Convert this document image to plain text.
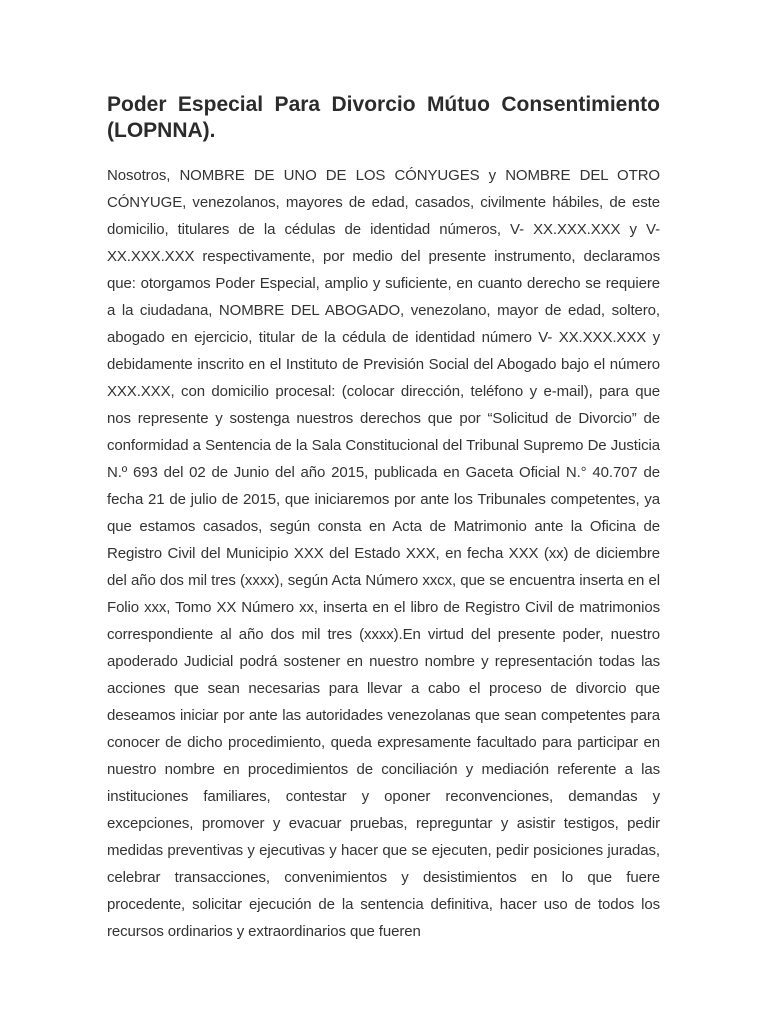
Poder Especial Para Divorcio Mútuo Consentimiento (LOPNNA).

Nosotros, NOMBRE DE UNO DE LOS CÓNYUGES y NOMBRE DEL OTRO CÓNYUGE, venezolanos, mayores de edad, casados, civilmente hábiles, de este domicilio, titulares de la cédulas de identidad números, V- XX.XXX.XXX y V- XX.XXX.XXX respectivamente, por medio del presente instrumento, declaramos que: otorgamos Poder Especial, amplio y suficiente, en cuanto derecho se requiere a la ciudadana, NOMBRE DEL ABOGADO, venezolano, mayor de edad, soltero, abogado en ejercicio, titular de la cédula de identidad número V- XX.XXX.XXX y debidamente inscrito en el Instituto de Previsión Social del Abogado bajo el número XXX.XXX, con domicilio procesal: (colocar dirección, teléfono y e-mail), para que nos represente y sostenga nuestros derechos que por “Solicitud de Divorcio” de conformidad a Sentencia de la Sala Constitucional del Tribunal Supremo De Justicia N.º 693 del 02 de Junio del año 2015, publicada en Gaceta Oficial N.° 40.707 de fecha 21 de julio de 2015, que iniciaremos por ante los Tribunales competentes, ya que estamos casados, según consta en Acta de Matrimonio ante la Oficina de Registro Civil del Municipio XXX del Estado XXX, en fecha XXX (xx) de diciembre del año dos mil tres (xxxx), según Acta Número xxcx, que se encuentra inserta en el Folio xxx, Tomo XX Número xx, inserta en el libro de Registro Civil de matrimonios correspondiente al año dos mil tres (xxxx).En virtud del presente poder, nuestro apoderado Judicial podrá sostener en nuestro nombre y representación todas las acciones que sean necesarias para llevar a cabo el proceso de divorcio que deseamos iniciar por ante las autoridades venezolanas que sean competentes para conocer de dicho procedimiento, queda expresamente facultado para participar en nuestro nombre en procedimientos de conciliación y mediación referente a las instituciones familiares, contestar y oponer reconvenciones, demandas y excepciones, promover y evacuar pruebas, repreguntar y asistir testigos, pedir medidas preventivas y ejecutivas y hacer que se ejecuten, pedir posiciones juradas, celebrar transacciones, convenimientos y desistimientos en lo que fuere procedente, solicitar ejecución de la sentencia definitiva, hacer uso de todos los recursos ordinarios y extraordinarios que fueren
